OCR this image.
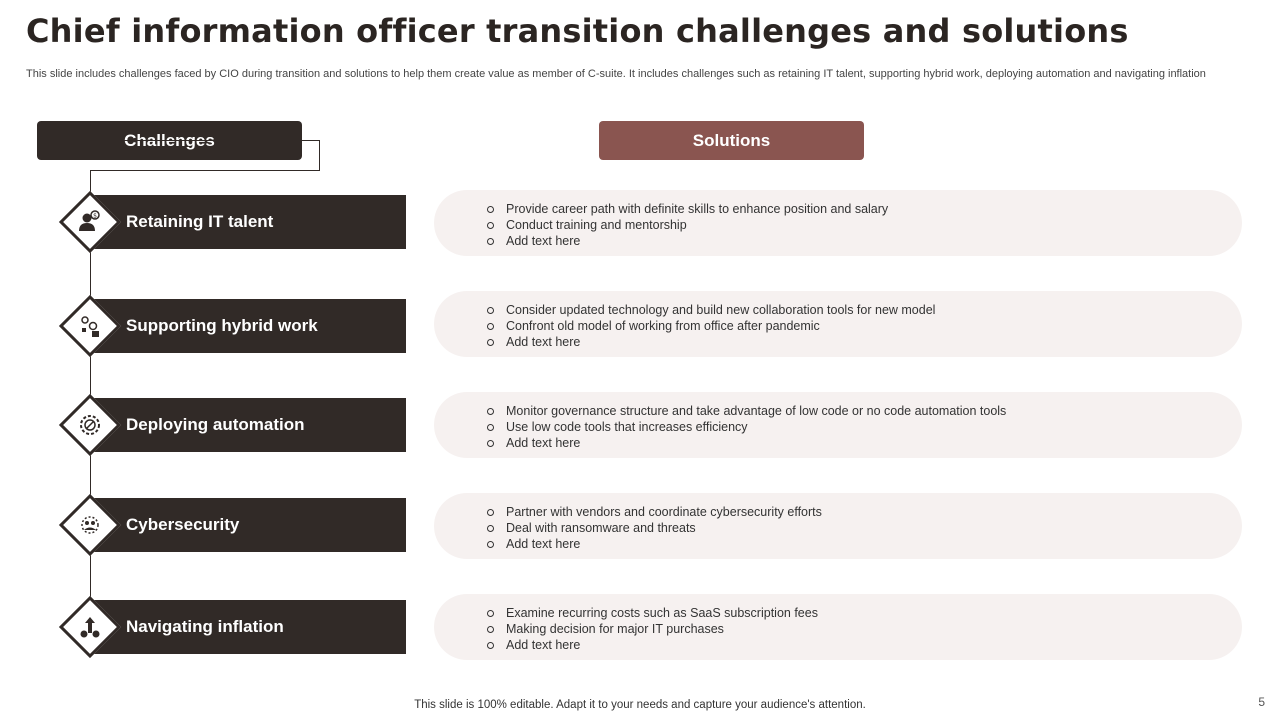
Chief information officer transition challenges and solutions

This slide includes challenges faced by CIO during transition and solutions to help them create value as member of C-suite. It includes challenges such as retaining IT talent, supporting hybrid work, deploying automation and navigating inflation

Challenges	Solutions
Retaining IT talent
$	Provide career path with definite skills to enhance position and salary
Conduct training and mentorship
Add text here
Supporting hybrid work
Consider updated technology and build new collaboration tools for new model
Confront old model of working from office after pandemic
Add text here
Deploying automation
Monitor governance structure and take advantage of low code or no code automation tools
Use low code tools that increases efficiency
Add text here
Cybersecurity
Partner with vendors and coordinate cybersecurity efforts
Deal with ransomware and threats
Add text here
Navigating inflation
Examine recurring costs such as SaaS subscription fees
Making decision for major IT purchases
Add text here

This slide is 100% editable. Adapt it to your needs and capture your audience's attention.	5
